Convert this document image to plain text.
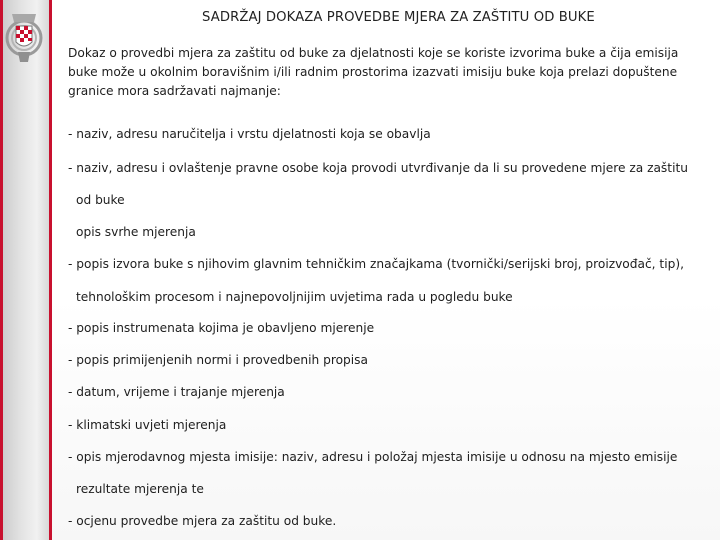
SADRŽAJ DOKAZA PROVEDBE MJERA ZA ZAŠTITU OD BUKE
Dokaz o provedbi mjera za zaštitu od buke za djelatnosti koje se koriste izvorima buke a čija emisija buke može u okolnim boravišnim i/ili radnim prostorima izazvati imisiju buke koja prelazi dopuštene granice mora sadržavati najmanje:
- naziv, adresu naručitelja i vrstu djelatnosti koja se obavlja
- naziv, adresu i ovlaštenje pravne osobe koja provodi utvrđivanje da li su provedene mjere za zaštitu
od buke
opis svrhe mjerenja
- popis izvora buke s njihovim glavnim tehničkim značajkama (tvornički/serijski broj, proizvođač, tip),
tehnološkim procesom i najnepovoljnijim uvjetima rada u pogledu buke
- popis instrumenata kojima je obavljeno mjerenje
- popis primijenjenih normi i provedbenih propisa
- datum, vrijeme i trajanje mjerenja
- klimatski uvjeti mjerenja
- opis mjerodavnog mjesta imisije: naziv, adresu i položaj mjesta imisije u odnosu na mjesto emisije
rezultate mjerenja te
- ocjenu provedbe mjera za zaštitu od buke.
